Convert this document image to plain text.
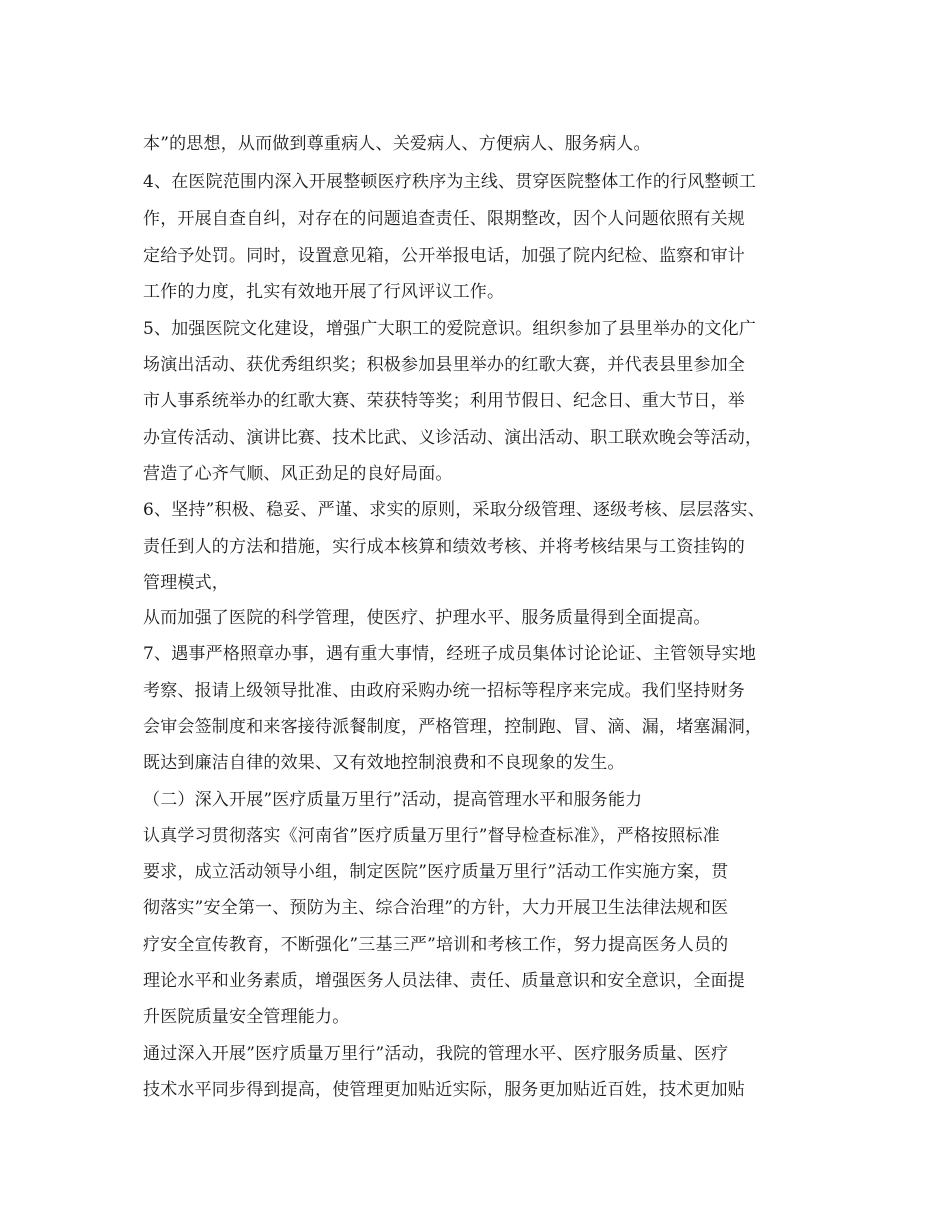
本”的思想，从而做到尊重病人、关爱病人、方便病人、服务病人。
4、在医院范围内深入开展整顿医疗秩序为主线、贯穿医院整体工作的行风整顿工
作，开展自查自纠，对存在的问题追查责任、限期整改，因个人问题依照有关规
定给予处罚。同时，设置意见箱，公开举报电话，加强了院内纪检、监察和审计
工作的力度，扎实有效地开展了行风评议工作。
5、加强医院文化建设，增强广大职工的爱院意识。组织参加了县里举办的文化广
场演出活动、获优秀组织奖；积极参加县里举办的红歌大赛，并代表县里参加全
市人事系统举办的红歌大赛、荣获特等奖；利用节假日、纪念日、重大节日，举
办宣传活动、演讲比赛、技术比武、义诊活动、演出活动、职工联欢晚会等活动，
营造了心齐气顺、风正劲足的良好局面。
6、坚持”积极、稳妥、严谨、求实的原则，采取分级管理、逐级考核、层层落实、
责任到人的方法和措施，实行成本核算和绩效考核、并将考核结果与工资挂钩的
管理模式，
从而加强了医院的科学管理，使医疗、护理水平、服务质量得到全面提高。
7、遇事严格照章办事，遇有重大事情，经班子成员集体讨论论证、主管领导实地
考察、报请上级领导批准、由政府采购办统一招标等程序来完成。我们坚持财务
会审会签制度和来客接待派餐制度，严格管理，控制跑、冒、滴、漏，堵塞漏洞，
既达到廉洁自律的效果、又有效地控制浪费和不良现象的发生。
（二）深入开展”医疗质量万里行”活动，提高管理水平和服务能力
认真学习贯彻落实《河南省”医疗质量万里行”督导检查标准》，严格按照标准
要求，成立活动领导小组，制定医院”医疗质量万里行”活动工作实施方案，贯
彻落实”安全第一、预防为主、综合治理”的方针，大力开展卫生法律法规和医
疗安全宣传教育，不断强化”三基三严”培训和考核工作，努力提高医务人员的
理论水平和业务素质，增强医务人员法律、责任、质量意识和安全意识，全面提
升医院质量安全管理能力。
通过深入开展”医疗质量万里行”活动，我院的管理水平、医疗服务质量、医疗
技术水平同步得到提高，使管理更加贴近实际，服务更加贴近百姓，技术更加贴
